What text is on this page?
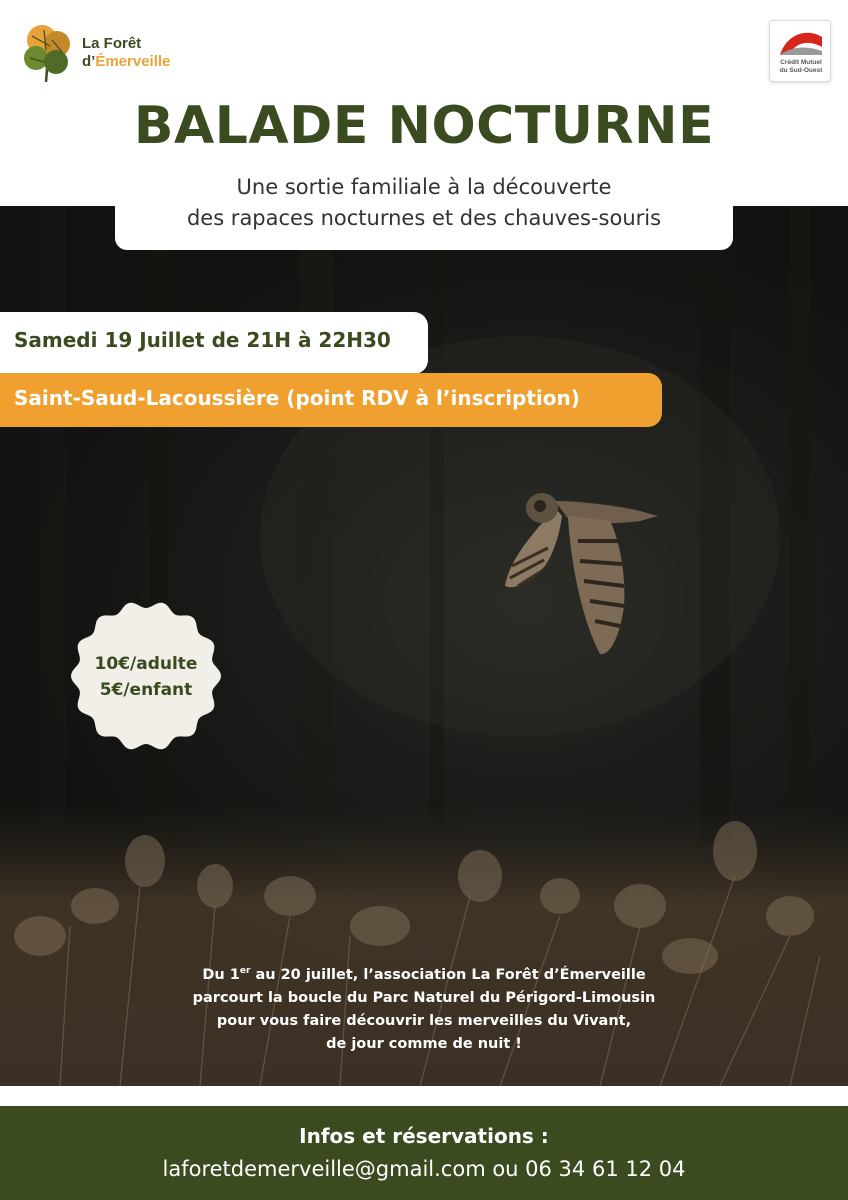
La Forêt
d’Émerveille	Crédit Mutuel
du Sud-Ouest
BALADE NOCTURNE
Une sortie familiale à la découverte
des rapaces nocturnes et des chauves-souris
Samedi 19 Juillet de 21H à 22H30
Saint-Saud-Lacoussière (point RDV à l’inscription)
10€/adulte
5€/enfant
Du 1er au 20 juillet, l’association La Forêt d’Émerveille
parcourt la boucle du Parc Naturel du Périgord-Limousin
pour vous faire découvrir les merveilles du Vivant,
de jour comme de nuit !
Infos et réservations :
laforetdemerveille@gmail.com ou 06 34 61 12 04
